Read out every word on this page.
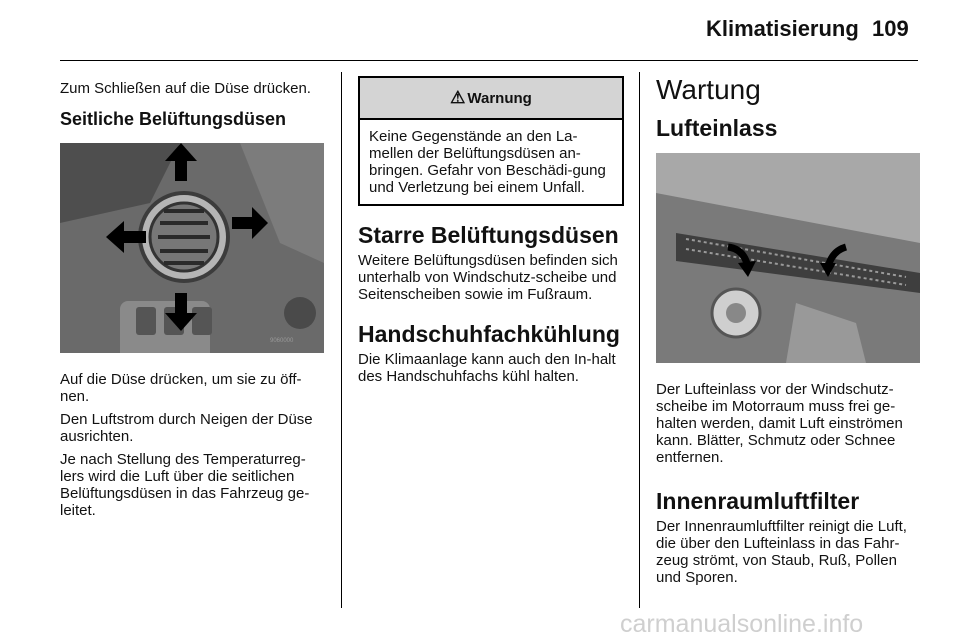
Klimatisierung 109

Zum Schließen auf die Düse drücken.

Seitliche Belüftungsdüsen
9060000

Auf die Düse drücken, um sie zu öff-nen.

Den Luftstrom durch Neigen der Düse ausrichten.

Je nach Stellung des Temperaturreg-lers wird die Luft über die seitlichen Belüftungsdüsen in das Fahrzeug ge-leitet.

⚠ Warnung
Keine Gegenstände an den La-mellen der Belüftungsdüsen an-bringen. Gefahr von Beschädi-gung und Verletzung bei einem Unfall.
Starre Belüftungsdüsen

Weitere Belüftungsdüsen befinden sich unterhalb von Windschutz-scheibe und Seitenscheiben sowie im Fußraum.

Handschuhfachkühlung

Die Klimaanlage kann auch den In-halt des Handschuhfachs kühl halten.

Wartung
Lufteinlass

Der Lufteinlass vor der Windschutz-scheibe im Motorraum muss frei ge-halten werden, damit Luft einströmen kann. Blätter, Schmutz oder Schnee entfernen.

Innenraumluftfilter

Der Innenraumluftfilter reinigt die Luft, die über den Lufteinlass in das Fahr-zeug strömt, von Staub, Ruß, Pollen und Sporen.

carmanualsonline.info
